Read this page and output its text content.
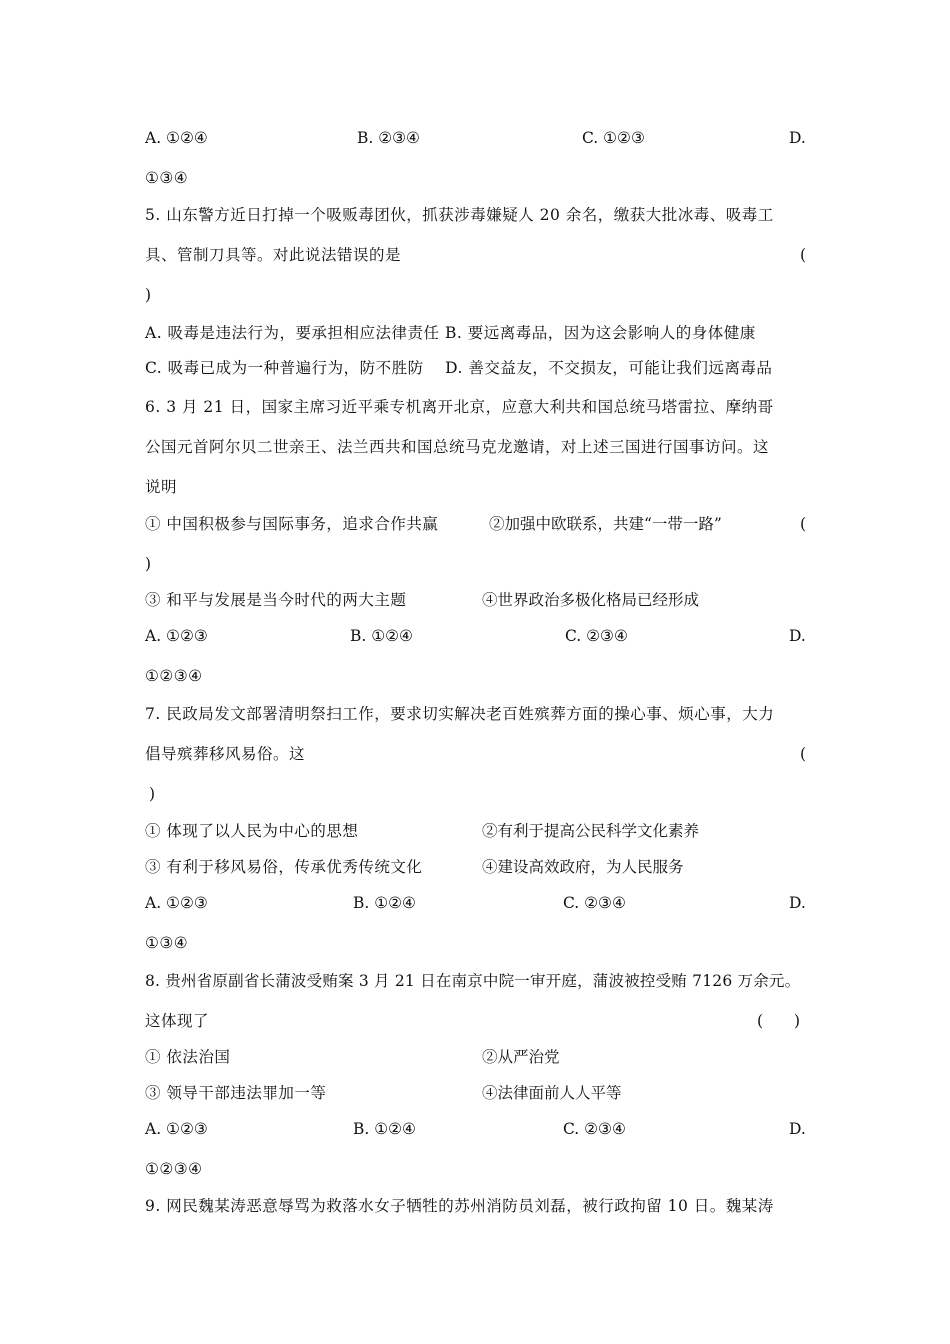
A. ①②④	B. ②③④	C. ①②③	D.
①③④
5. 山东警方近日打掉一个吸贩毒团伙，抓获涉毒嫌疑人 20 余名，缴获大批冰毒、吸毒工
具、管制刀具等。对此说法错误的是	(
)
A. 吸毒是违法行为，要承担相应法律责任 B. 要远离毒品，因为这会影响人的身体健康
C. 吸毒已成为一种普遍行为，防不胜防　 D. 善交益友，不交损友，可能让我们远离毒品
6. 3 月 21 日，国家主席习近平乘专机离开北京，应意大利共和国总统马塔雷拉、摩纳哥
公国元首阿尔贝二世亲王、法兰西共和国总统马克龙邀请，对上述三国进行国事访问。这
说明
① 中国积极参与国际事务，追求合作共赢	②加强中欧联系，共建“一带一路”	(
)
③ 和平与发展是当今时代的两大主题	④世界政治多极化格局已经形成
A. ①②③	B. ①②④	C. ②③④	D.
①②③④
7. 民政局发文部署清明祭扫工作，要求切实解决老百姓殡葬方面的操心事、烦心事，大力
倡导殡葬移风易俗。这	(
)
① 体现了以人民为中心的思想	②有利于提高公民科学文化素养
③ 有利于移风易俗，传承优秀传统文化	④建设高效政府，为人民服务
A. ①②③	B. ①②④	C. ②③④	D.
①③④
8. 贵州省原副省长蒲波受贿案 3 月 21 日在南京中院一审开庭，蒲波被控受贿 7126 万余元。
这体现了	(　　)
① 依法治国	②从严治党
③ 领导干部违法罪加一等	④法律面前人人平等
A. ①②③	B. ①②④	C. ②③④	D.
①②③④
9. 网民魏某涛恶意辱骂为救落水女子牺牲的苏州消防员刘磊，被行政拘留 10 日。魏某涛
